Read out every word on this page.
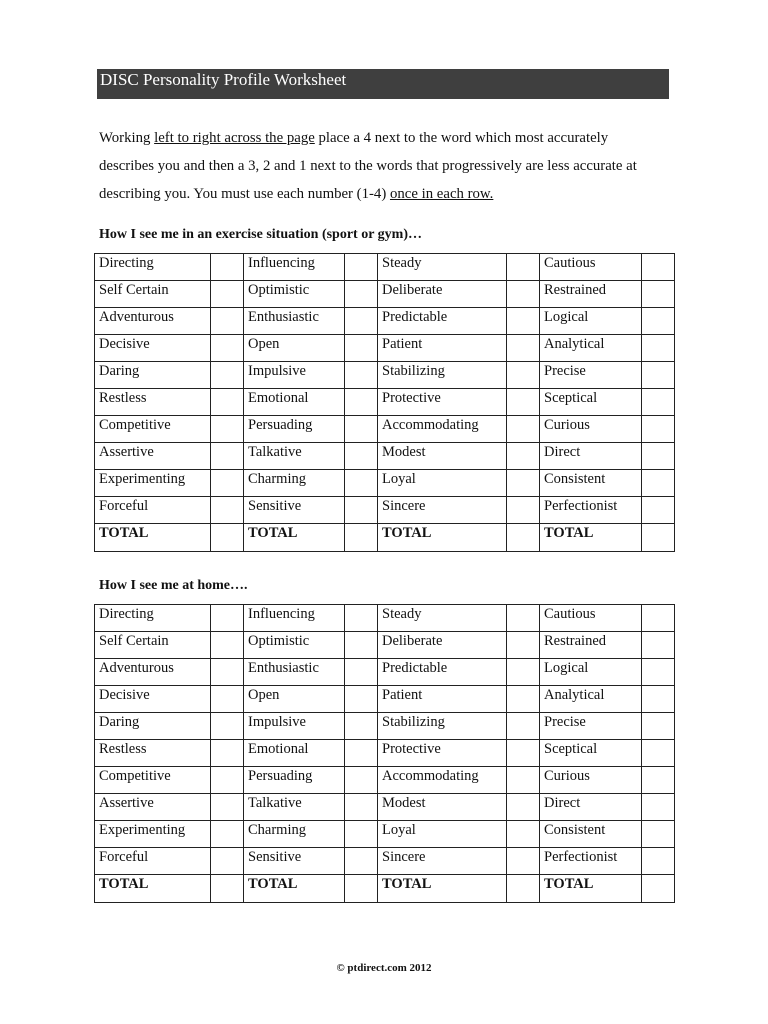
DISC Personality Profile Worksheet

Working left to right across the page place a 4 next to the word which most accurately

describes you and then a 3, 2 and 1 next to the words that progressively are less accurate at

describing you. You must use each number (1-4) once in each row.

How I see me in an exercise situation (sport or gym)…
Directing		Influencing		Steady		Cautious	
Self Certain		Optimistic		Deliberate		Restrained	
Adventurous		Enthusiastic		Predictable		Logical	
Decisive		Open		Patient		Analytical	
Daring		Impulsive		Stabilizing		Precise	
Restless		Emotional		Protective		Sceptical	
Competitive		Persuading		Accommodating		Curious	
Assertive		Talkative		Modest		Direct	
Experimenting		Charming		Loyal		Consistent	
Forceful		Sensitive		Sincere		Perfectionist	
TOTAL		TOTAL		TOTAL		TOTAL	
How I see me at home….
Directing		Influencing		Steady		Cautious	
Self Certain		Optimistic		Deliberate		Restrained	
Adventurous		Enthusiastic		Predictable		Logical	
Decisive		Open		Patient		Analytical	
Daring		Impulsive		Stabilizing		Precise	
Restless		Emotional		Protective		Sceptical	
Competitive		Persuading		Accommodating		Curious	
Assertive		Talkative		Modest		Direct	
Experimenting		Charming		Loyal		Consistent	
Forceful		Sensitive		Sincere		Perfectionist	
TOTAL		TOTAL		TOTAL		TOTAL	
© ptdirect.com 2012
